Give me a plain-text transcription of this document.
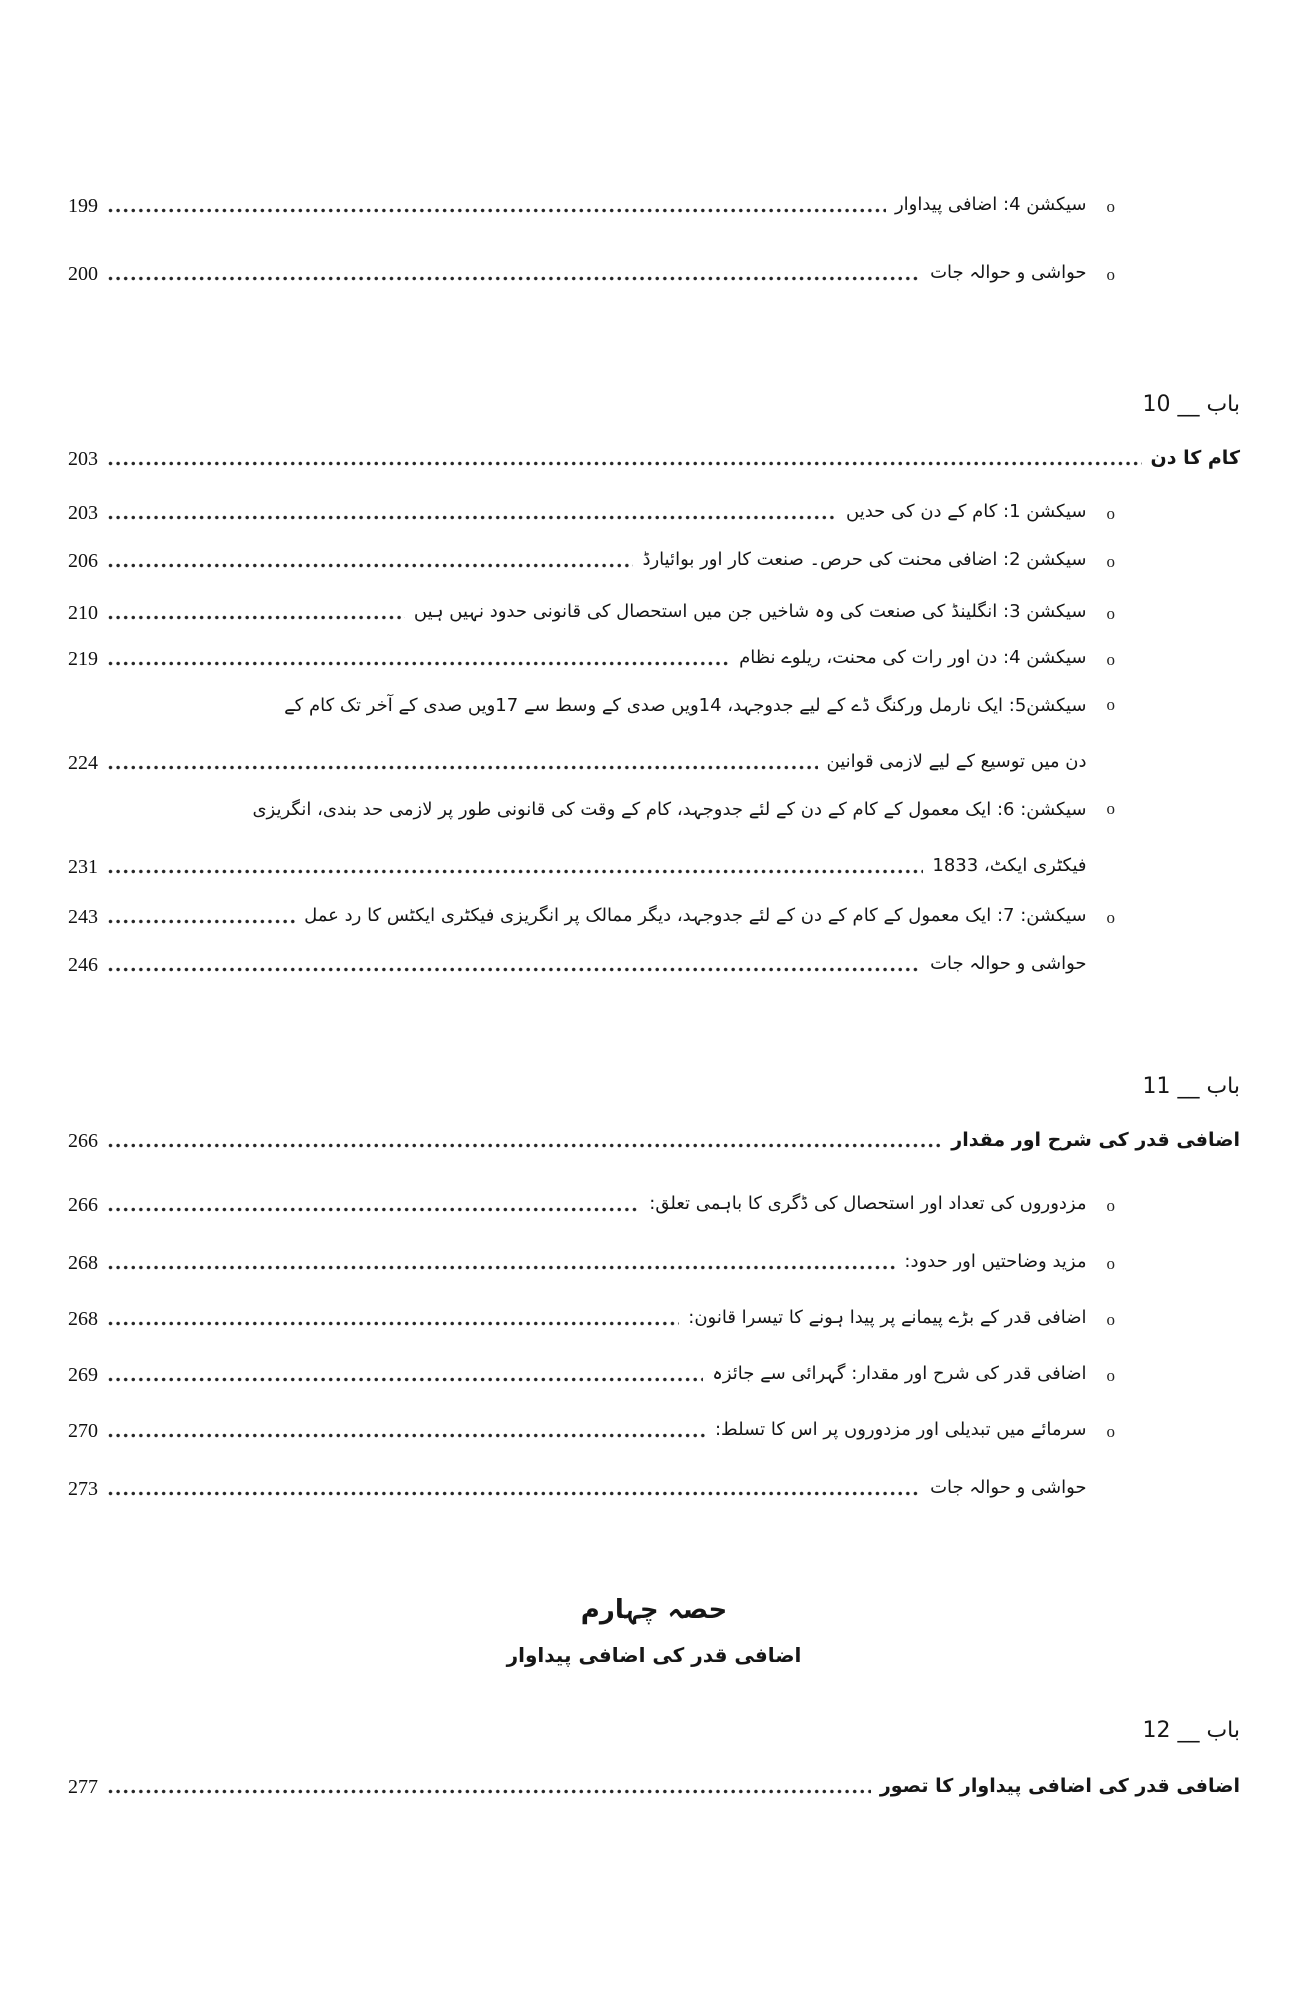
o
سیکشن 4: اضافی پیداوار
199
o
حواشی و حوالہ جات
200
باب __ 10
کام کا دن
203
o
سیکشن 1: کام کے دن کی حدیں
203
o
سیکشن 2: اضافی محنت کی حرص۔ صنعت کار اور بوائیارڈ
206
o
سیکشن 3: انگلینڈ کی صنعت کی وہ شاخیں جن میں استحصال کی قانونی حدود نہیں ہیں
210
o
سیکشن 4: دن اور رات کی محنت، ریلوے نظام
219
o
سیکشن5: ایک نارمل ورکنگ ڈے کے لیے جدوجہد، 14ویں صدی کے وسط سے 17ویں صدی کے آخر تک کام کے
دن میں توسیع کے لیے لازمی قوانین
224
o
سیکشن: 6: ایک معمول کے کام کے دن کے لئے جدوجہد، کام کے وقت کی قانونی طور پر لازمی حد بندی، انگریزی
فیکٹری ایکٹ، 1833
231
o
سیکشن: 7: ایک معمول کے کام کے دن کے لئے جدوجہد، دیگر ممالک پر انگریزی فیکٹری ایکٹس کا رد عمل
243
حواشی و حوالہ جات
246
باب __ 11
اضافی قدر کی شرح اور مقدار
266
o
مزدوروں کی تعداد اور استحصال کی ڈگری کا باہمی تعلق:
266
o
مزید وضاحتیں اور حدود:
268
o
اضافی قدر کے بڑے پیمانے پر پیدا ہونے کا تیسرا قانون:
268
o
اضافی قدر کی شرح اور مقدار: گہرائی سے جائزہ
269
o
سرمائے میں تبدیلی اور مزدوروں پر اس کا تسلط:
270
حواشی و حوالہ جات
273
حصہ چہارم
اضافی قدر کی اضافی پیداوار
باب __ 12
اضافی قدر کی اضافی پیداوار کا تصور
277
